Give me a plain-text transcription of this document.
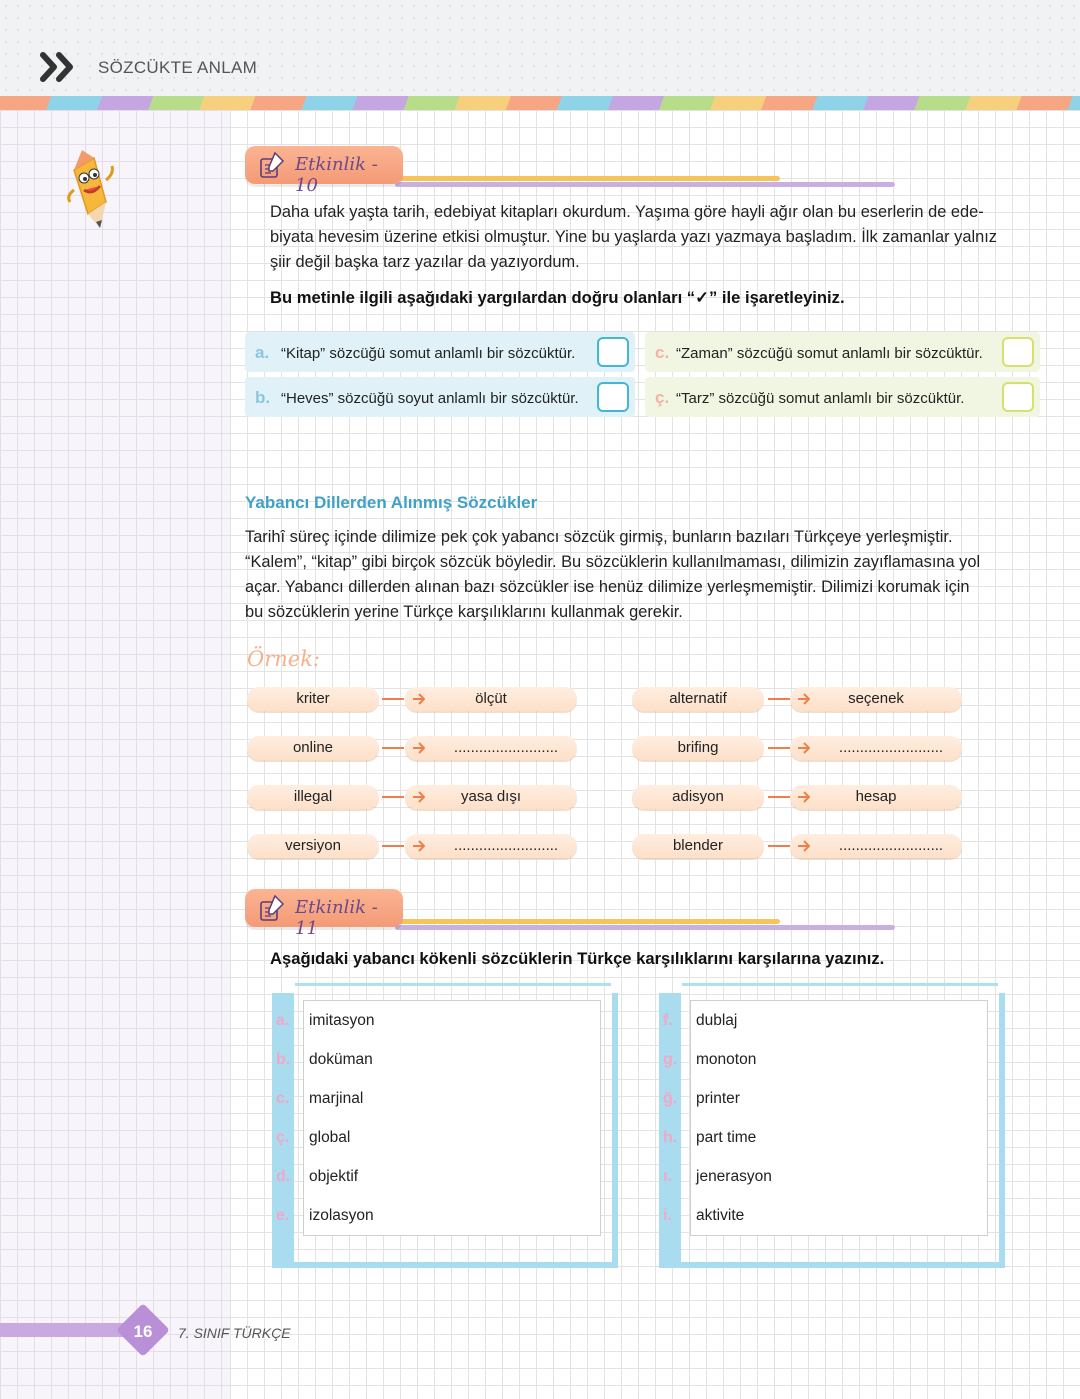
SÖZCÜKTE ANLAM
Etkinlik - 10
Daha ufak yaşta tarih, edebiyat kitapları okurdum. Yaşıma göre hayli ağır olan bu eserlerin de ede-
biyata hevesim üzerine etkisi olmuştur. Yine bu yaşlarda yazı yazmaya başladım. İlk zamanlar yalnız
şiir değil başka tarz yazılar da yazıyordum.
Bu metinle ilgili aşağıdaki yargılardan doğru olanları “✓” ile işaretleyiniz.
a. “Kitap” sözcüğü somut anlamlı bir sözcüktür.
b. “Heves” sözcüğü soyut anlamlı bir sözcüktür.
c. “Zaman” sözcüğü somut anlamlı bir sözcüktür.
ç. “Tarz” sözcüğü somut anlamlı bir sözcüktür.
Yabancı Dillerden Alınmış Sözcükler
Tarihî süreç içinde dilimize pek çok yabancı sözcük girmiş, bunların bazıları Türkçeye yerleşmiştir.
“Kalem”, “kitap” gibi birçok sözcük böyledir. Bu sözcüklerin kullanılmaması, dilimizin zayıflamasına yol
açar. Yabancı dillerden alınan bazı sözcükler ise henüz dilimize yerleşmemiştir. Dilimizi korumak için
bu sözcüklerin yerine Türkçe karşılıklarını kullanmak gerekir.
Örnek:
kriter	ölçüt
online	.........................
illegal	yasa dışı
versiyon	.........................
alternatif	seçenek
brifing	.........................
adisyon	hesap
blender	.........................
Etkinlik - 11
Aşağıdaki yabancı kökenli sözcüklerin Türkçe karşılıklarını karşılarına yazınız.
a.	imitasyon
b.	doküman
c.	marjinal
ç.	global
d.	objektif
e.	izolasyon
f.	dublaj
g.	monoton
ğ.	printer
h.	part time
ı.	jenerasyon
i.	aktivite
16	7. SINIF TÜRKÇE
